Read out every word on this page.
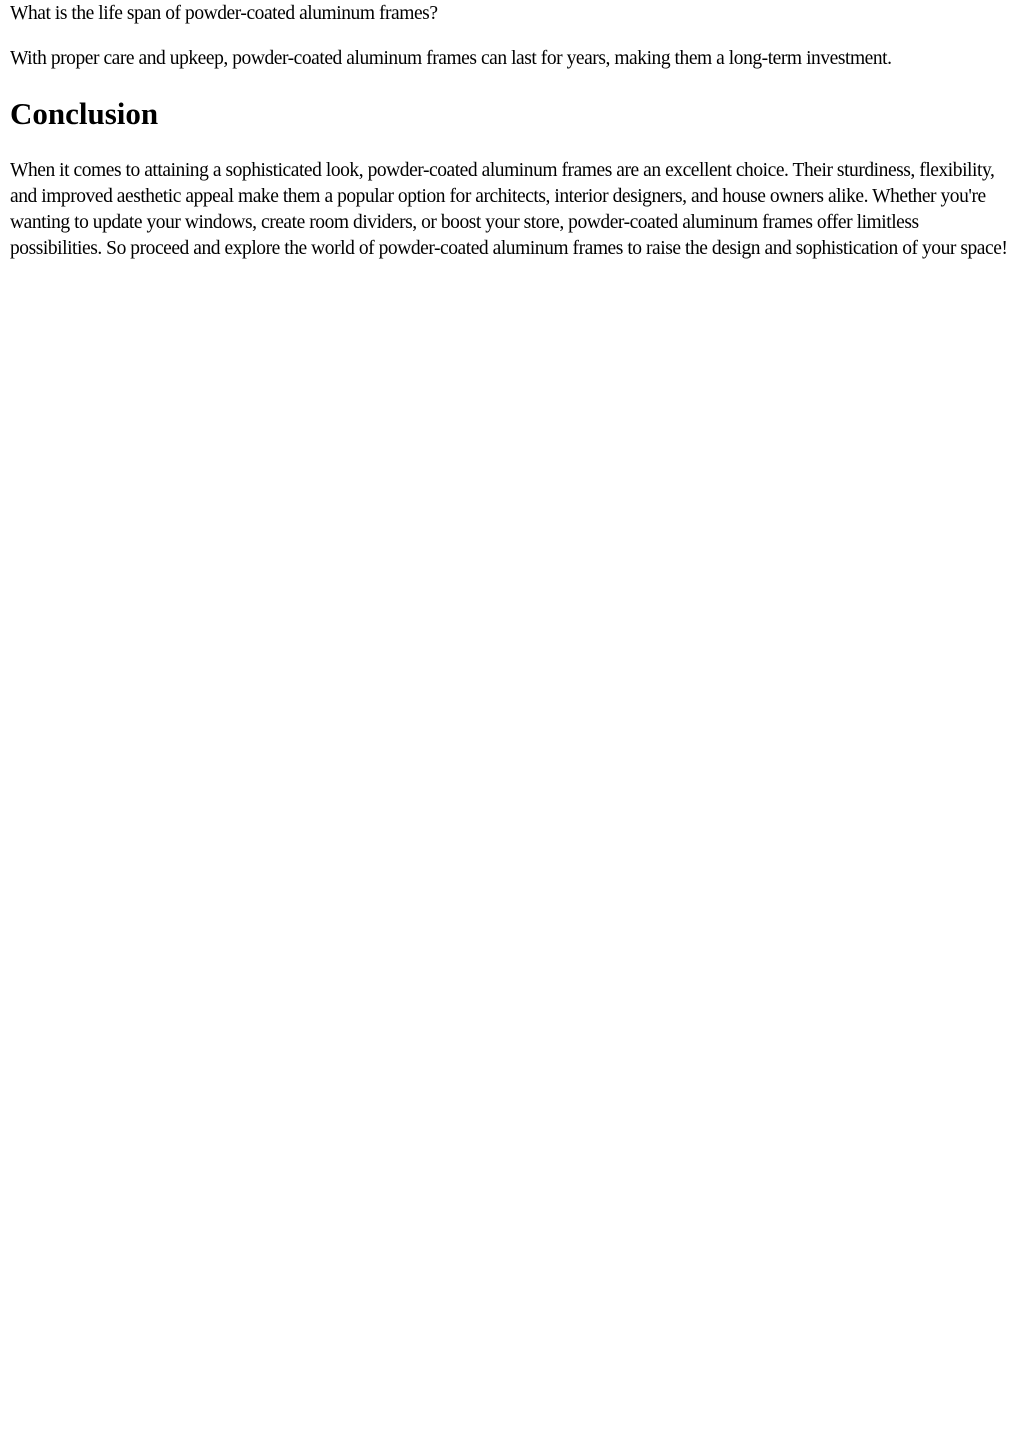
What is the life span of powder-coated aluminum frames?

With proper care and upkeep, powder-coated aluminum frames can last for years, making them a long-term investment.

Conclusion

When it comes to attaining a sophisticated look, powder-coated aluminum frames are an excellent choice. Their sturdiness, flexibility, and improved aesthetic appeal make them a popular option for architects, interior designers, and house owners alike. Whether you're wanting to update your windows, create room dividers, or boost your store, powder-coated aluminum frames offer limitless possibilities. So proceed and explore the world of powder-coated aluminum frames to raise the design and sophistication of your space!
